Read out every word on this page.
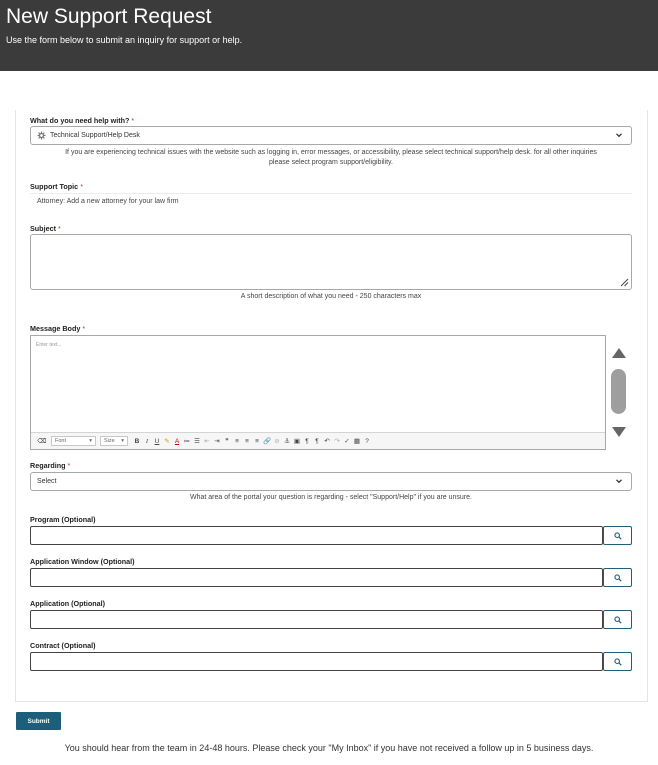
New Support Request

Use the form below to submit an inquiry for support or help.

What do you need help with? *
Technical Support/Help Desk
If you are experiencing technical issues with the website such as logging in, error messages, or accessibility, please select technical support/help desk. for all other inquiries
please select program support/eligibility.
Support Topic *
Attorney: Add a new attorney for your law firm
Subject *
A short description of what you need - 250 characters max
Message Body *
Enter text...
⌫ Font	▾ Size ▾	B	I	U ✎ A ≔ ☰ ⇤ ⇥ ❞ ≡ ≡ ≡ 🔗 ⊘ ⚓ ▣ ¶	¶ ↶ ↷ ✓ ▦ ?
Regarding *
Select
What area of the portal your question is regarding - select "Support/Help" if you are unsure.
Program (Optional)
Application Window (Optional)
Application (Optional)
Contract (Optional)
Submit
You should hear from the team in 24-48 hours. Please check your "My Inbox" if you have not received a follow up in 5 business days.
